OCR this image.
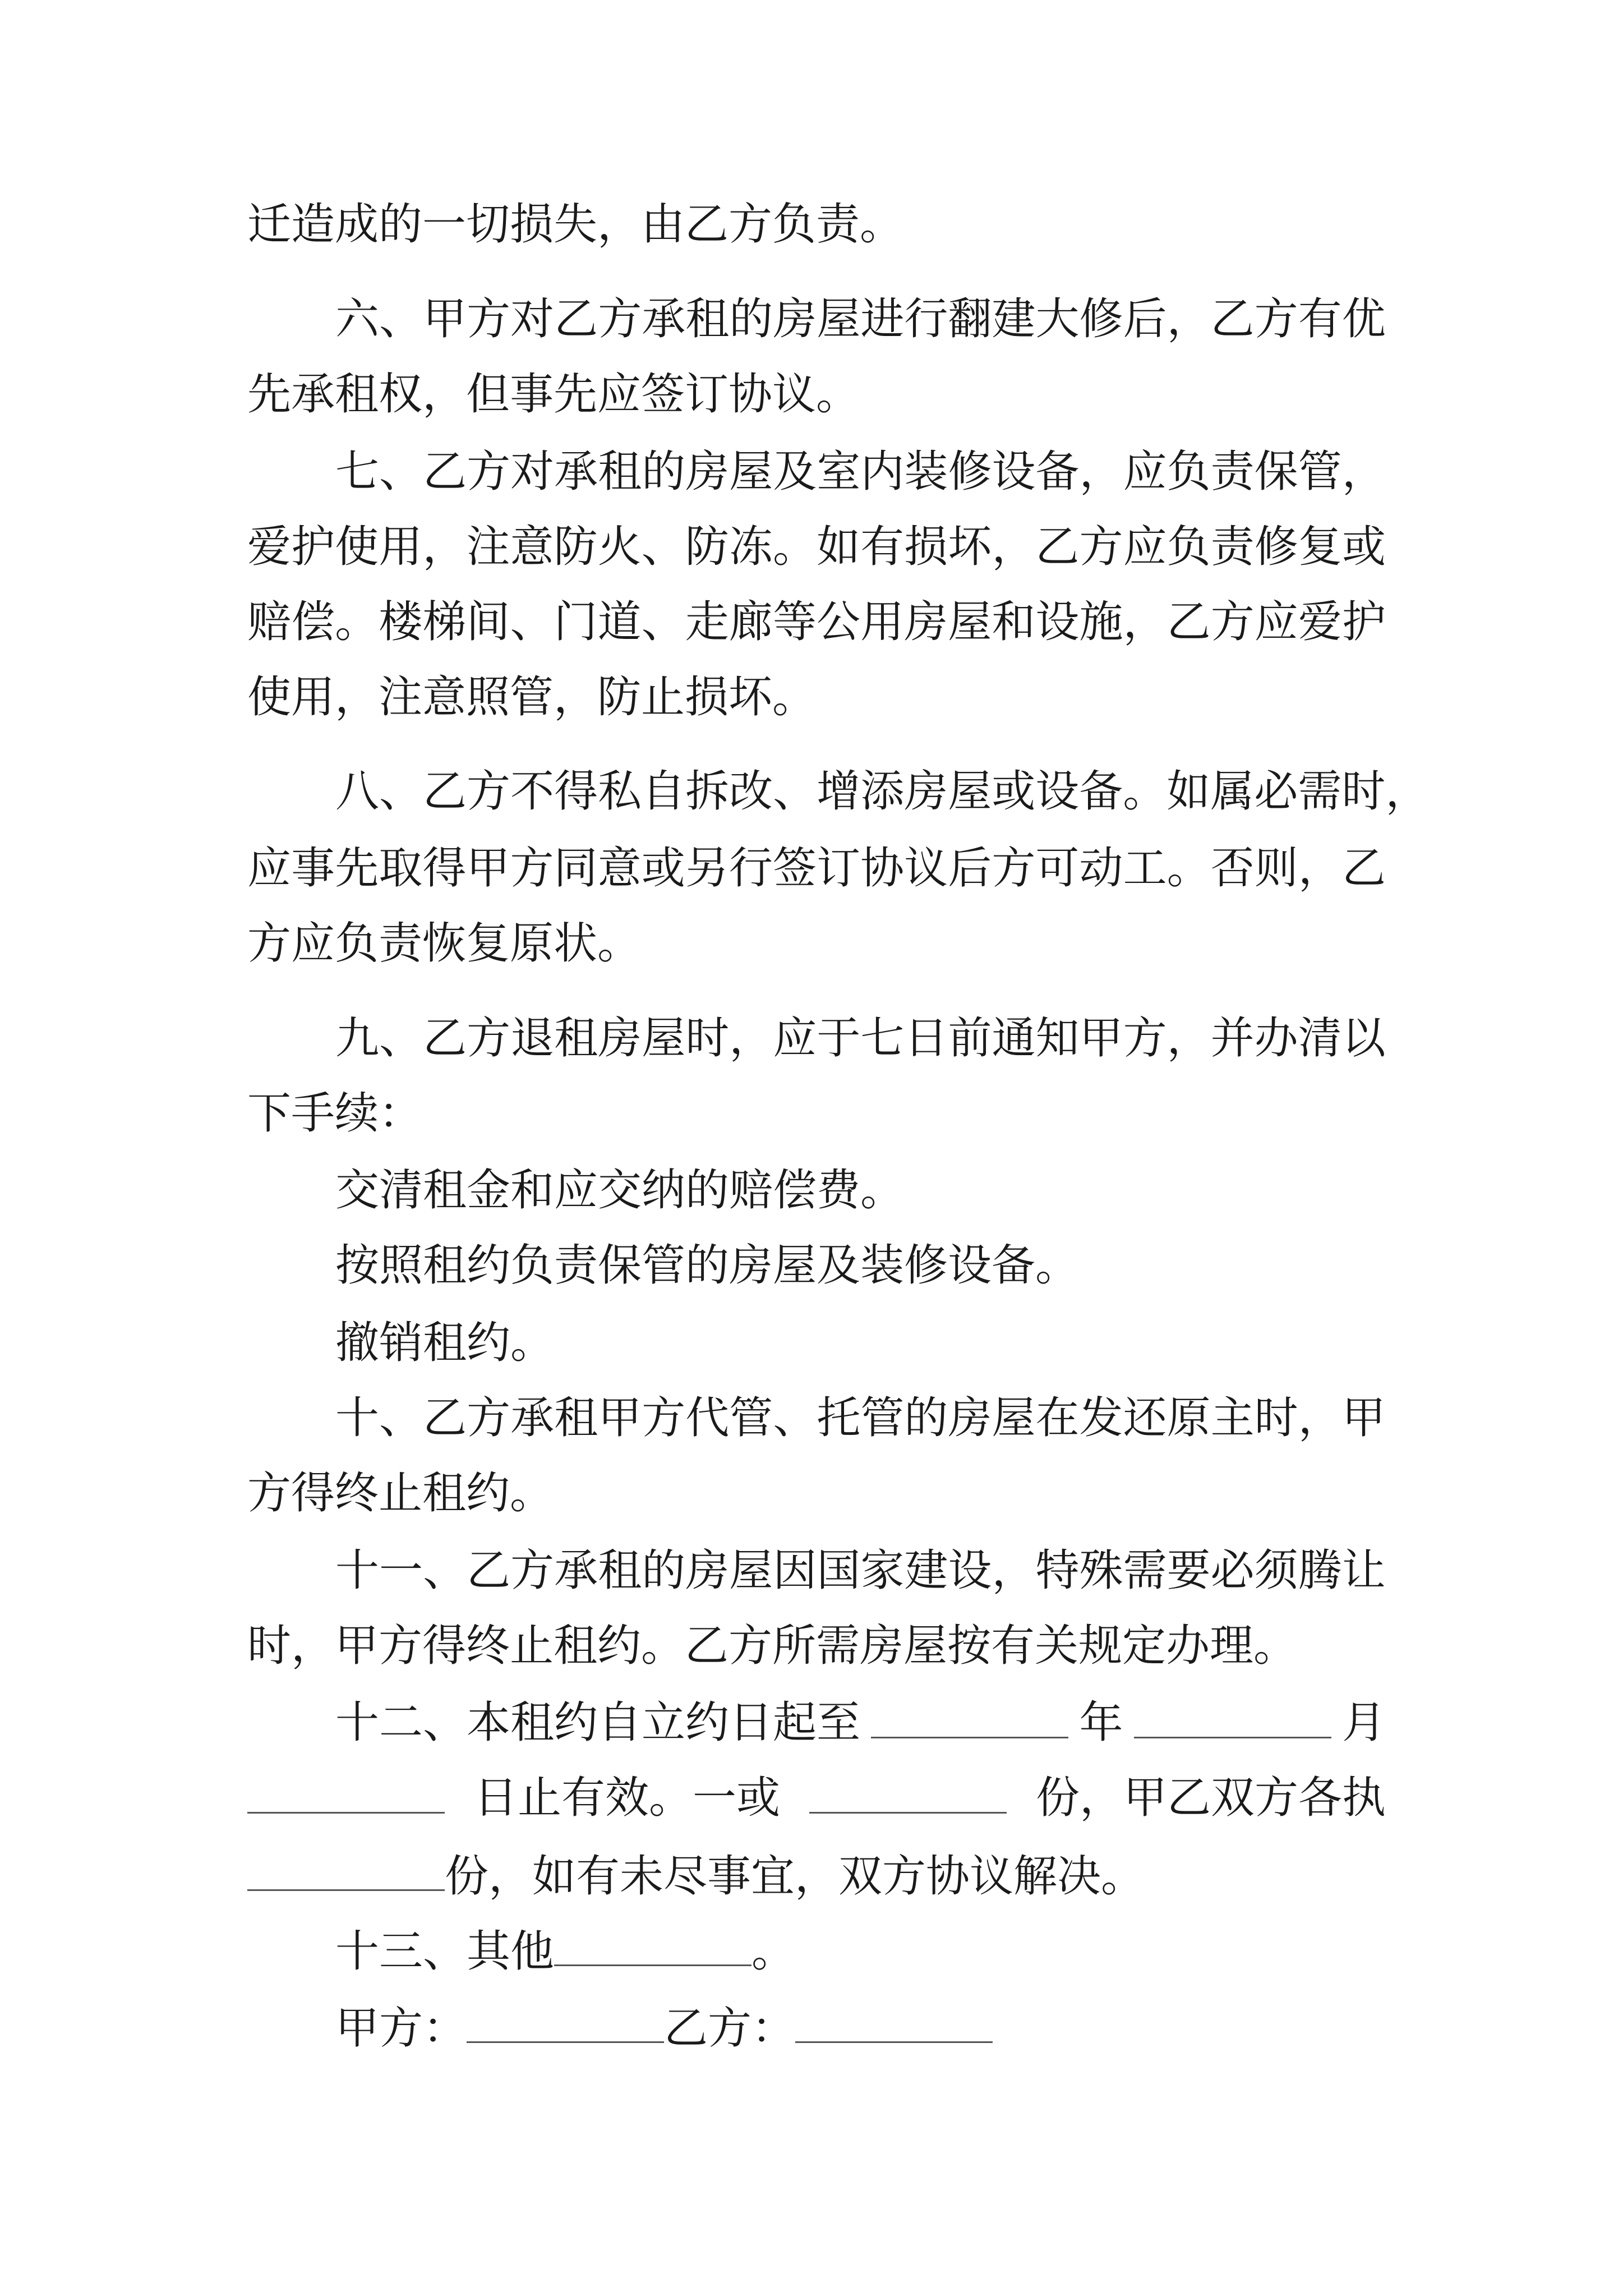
迁造成的一切损失，由乙方负责。

六 、 甲 方 对 乙 方 承 租 的 房 屋 进 行 翻 建 大 修 后 ， 乙 方 有 优

先承租权，但事先应签订协议。

七 、 乙 方 对 承 租 的 房 屋 及 室 内 装 修 设 备 ， 应 负 责 保 管 ，

爱 护 使 用 ， 注 意 防 火 、 防 冻 。 如 有 损 坏 ， 乙 方 应 负 责 修 复 或

赔 偿 。 楼 梯 间 、 门 道 、 走 廊 等 公 用 房 屋 和 设 施 ， 乙 方 应 爱 护

使用，注意照管，防止损坏。

八 、 乙 方 不 得 私 自 拆 改 、 增 添 房 屋 或 设 备 。 如 属 必 需 时 ，

应 事 先 取 得 甲 方 同 意 或 另 行 签 订 协 议 后 方 可 动 工 。 否 则 ， 乙

方应负责恢复原状。

九 、 乙 方 退 租 房 屋 时 ， 应 于 七 日 前 通 知 甲 方 ， 并 办 清 以

下手续：

交清租金和应交纳的赔偿费。

按照租约负责保管的房屋及装修设备。

撤销租约。

十 、 乙 方 承 租 甲 方 代 管 、 托 管 的 房 屋 在 发 还 原 主 时 ， 甲

方得终止租约。

十 一 、 乙 方 承 租 的 房 屋 因 国 家 建 设 ， 特 殊 需 要 必 须 腾 让

时，甲方得终止租约。乙方所需房屋按有关规定办理。

十二、本租约自立约日起至	年	月
日止有效。一或	份，甲乙双方各执
份，如有未尽事宜，双方协议解决。
十三、其他	。
甲方：	乙方：
